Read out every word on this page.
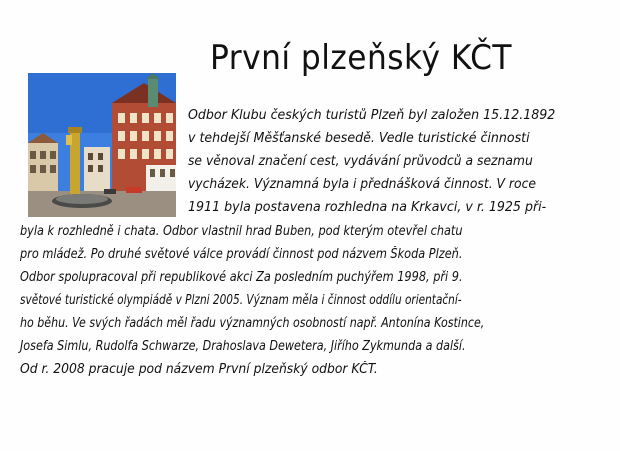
První plzeňský KČT
Odbor Klubu českých turistů Plzeň byl založen 15.12.1892
v tehdejší Měšťanské besedě. Vedle turistické činnosti
se věnoval značení cest, vydávání průvodců a seznamu
vycházek. Významná byla i přednášková činnost. V roce
1911 byla postavena rozhledna na Krkavci, v r. 1925 při-
byla k rozhledně i chata. Odbor vlastnil hrad Buben, pod kterým otevřel chatu
pro mládež. Po druhé světové válce provádí činnost pod názvem Škoda Plzeň.
Odbor spolupracoval při republikové akci Za posledním puchýřem 1998, při 9.
světové turistické olympiádě v Plzni 2005. Význam měla i činnost oddílu orientační-
ho běhu. Ve svých řadách měl řadu významných osobností např. Antonína Kostince,
Josefa Simlu, Rudolfa Schwarze, Drahoslava Dewetera, Jiřího Zykmunda a další.
Od r. 2008 pracuje pod názvem První plzeňský odbor KČT.
